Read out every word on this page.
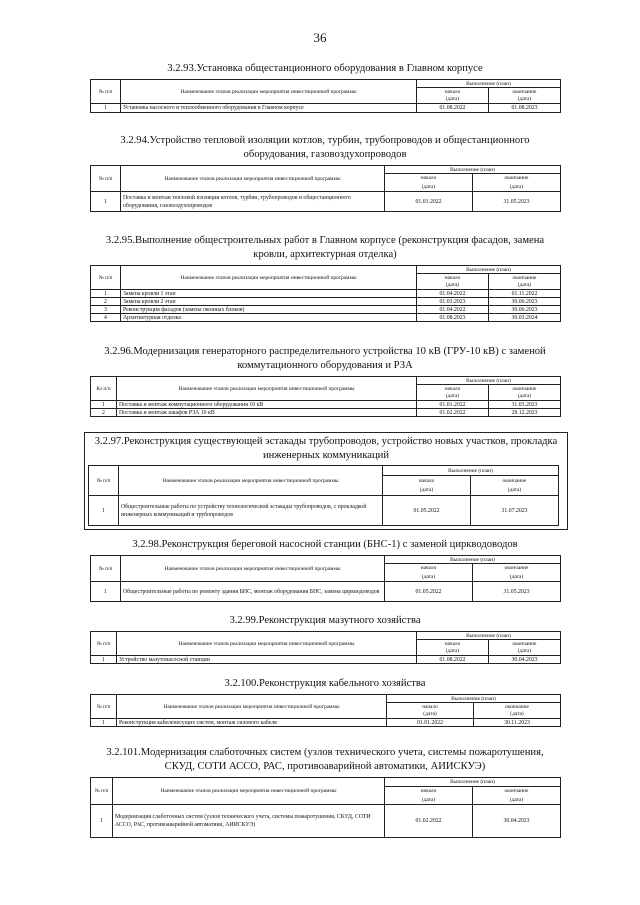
36
3.2.93.Установка общестанционного оборудования в Главном корпусе
№ п/п	Наименование этапов реализации мероприятия инвестиционной программы	Выполнение (план)	
		начало	окончание
		(дата)	(дата)
1	Установка насосного и теплообменного оборудования в Главном корпусе	01.08.2022	01.08.2023
3.2.94.Устройство тепловой изоляции котлов, турбин, трубопроводов и общестанционного оборудования, газовоздухопроводов
№ п/п	Наименование этапов реализации мероприятия инвестиционной программы	Выполнение (план)	
		начало	окончание
		(дата)	(дата)
1	Поставка и монтаж тепловой изоляции котлов, турбин, трубопроводов и общестанционного оборудования, газовоздухопроводов	01.01.2022	31.05.2023
3.2.95.Выполнение общестроительных работ в Главном корпусе (реконструкция фасадов, замена кровли, архитектурная отделка)
№ п/п	Наименование этапов реализации мероприятия инвестиционной программы	Выполнение (план)	
		начало	окончание
		(дата)	(дата)
1	Замена кровли 1 этап	01.04.2022	01.11.2022
2	Замена кровли 2 этап	01.03.2023	30.06.2023
3	Реконструкция фасадов (замена оконных блоков)	01.04.2022	30.06.2023
4	Архитектурная отделка	01.08.2023	30.03.2024
3.2.96.Модернизация генераторного распределительного устройства 10 кВ (ГРУ-10 кВ) с заменой коммутационного оборудования и РЗА
Кз п/п	Наименование этапов реализации мероприятия инвестиционной программы	Выполнение (план)	
		начало	окончание
		(дата)	(дата)
1	Поставка и монтаж коммутационного оборудования 10 кВ	01.01.2022	31.03.2023
2	Поставка и монтаж шкафов РЗА 10 кВ	01.02.2022	28.12.2023
3.2.97.Реконструкция существующей эстакады трубопроводов, устройство новых участков, прокладка инженерных коммуникаций
№ п/п	Наименование этапов реализации мероприятия инвестиционной программы	Выполнение (план)	
		начало	окончание
		(дата)	(дата)
1	Общестроительные работы по устройству технологической эстакады трубопроводов, с прокладкой инженерных коммуникаций и трубопроводов	01.05.2022	31.07.2023
3.2.98.Реконструкция береговой насосной станции (БНС-1) с заменой циркводоводов
№ п/п	Наименование этапов реализации мероприятия инвестиционной программы	Выполнение (план)	
		начало	окончание
		(дата)	(дата)
1	Общестроительные работы по ремонту здания БНС, монтаж оборудования БНС, замена циркводоводов	01.05.2022	31.05.2023
3.2.99.Реконструкция мазутного хозяйства
№ п/п	Наименование этапов реализации мероприятия инвестиционной программы	Выполнение (план)	
		начало	окончание
		(дата)	(дата)
1	Устройство мазутонасосной станции	01.08.2022	30.04.2023
3.2.100.Реконструкция кабельного хозяйства
№ п/п	Наименование этапов реализации мероприятия инвестиционной программы	Выполнение (план)	
		начало	окончание
		(дата)	(дата)
1	Реконструкция кабеленесущих систем, монтаж силового кабеля	01.01.2022	30.11.2023
3.2.101.Модернизация слаботочных систем (узлов технического учета, системы пожаротушения, СКУД, СОТИ АССО, РАС, противоаварийной автоматики, АИИСКУЭ)
№ п/п	Наименование этапов реализации мероприятия инвестиционной программы	Выполнение (план)	
		начало	окончание
		(дата)	(дата)
1	Модернизация слаботочных систем (узлов технического учета, системы пожаротушения, СКУД, СОТИ АССО, РАС, противоаварийной автоматики, АИИСКУЭ)	01.02.2022	30.04.2023
